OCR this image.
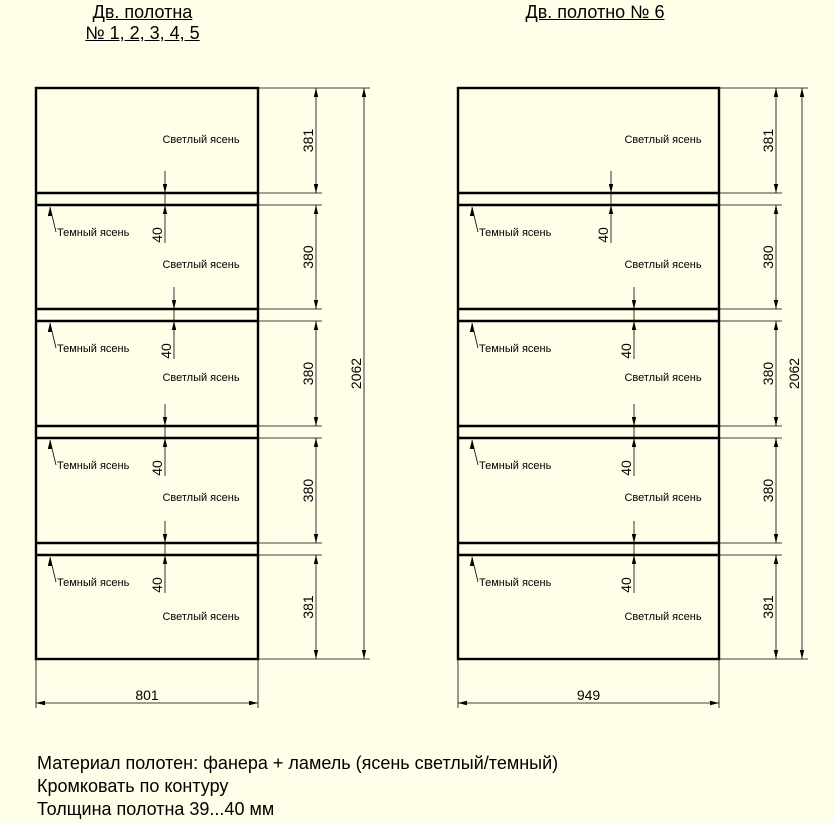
Дв. полотна
№ 1, 2, 3, 4, 5
Дв. полотно № 6
381
380
380
380
381
2062
801
40
40
40
40
Темный ясень
Темный ясень
Темный ясень
Темный ясень
Светлый ясень
Светлый ясень
Светлый ясень
Светлый ясень
Светлый ясень
381
380
380
380
381
2062
949
40
40
40
40
Темный ясень
Темный ясень
Темный ясень
Темный ясень
Светлый ясень
Светлый ясень
Светлый ясень
Светлый ясень
Светлый ясень
Материал полотен: фанера + ламель (ясень светлый/темный)
Кромковать по контуру
Толщина полотна 39...40 мм
